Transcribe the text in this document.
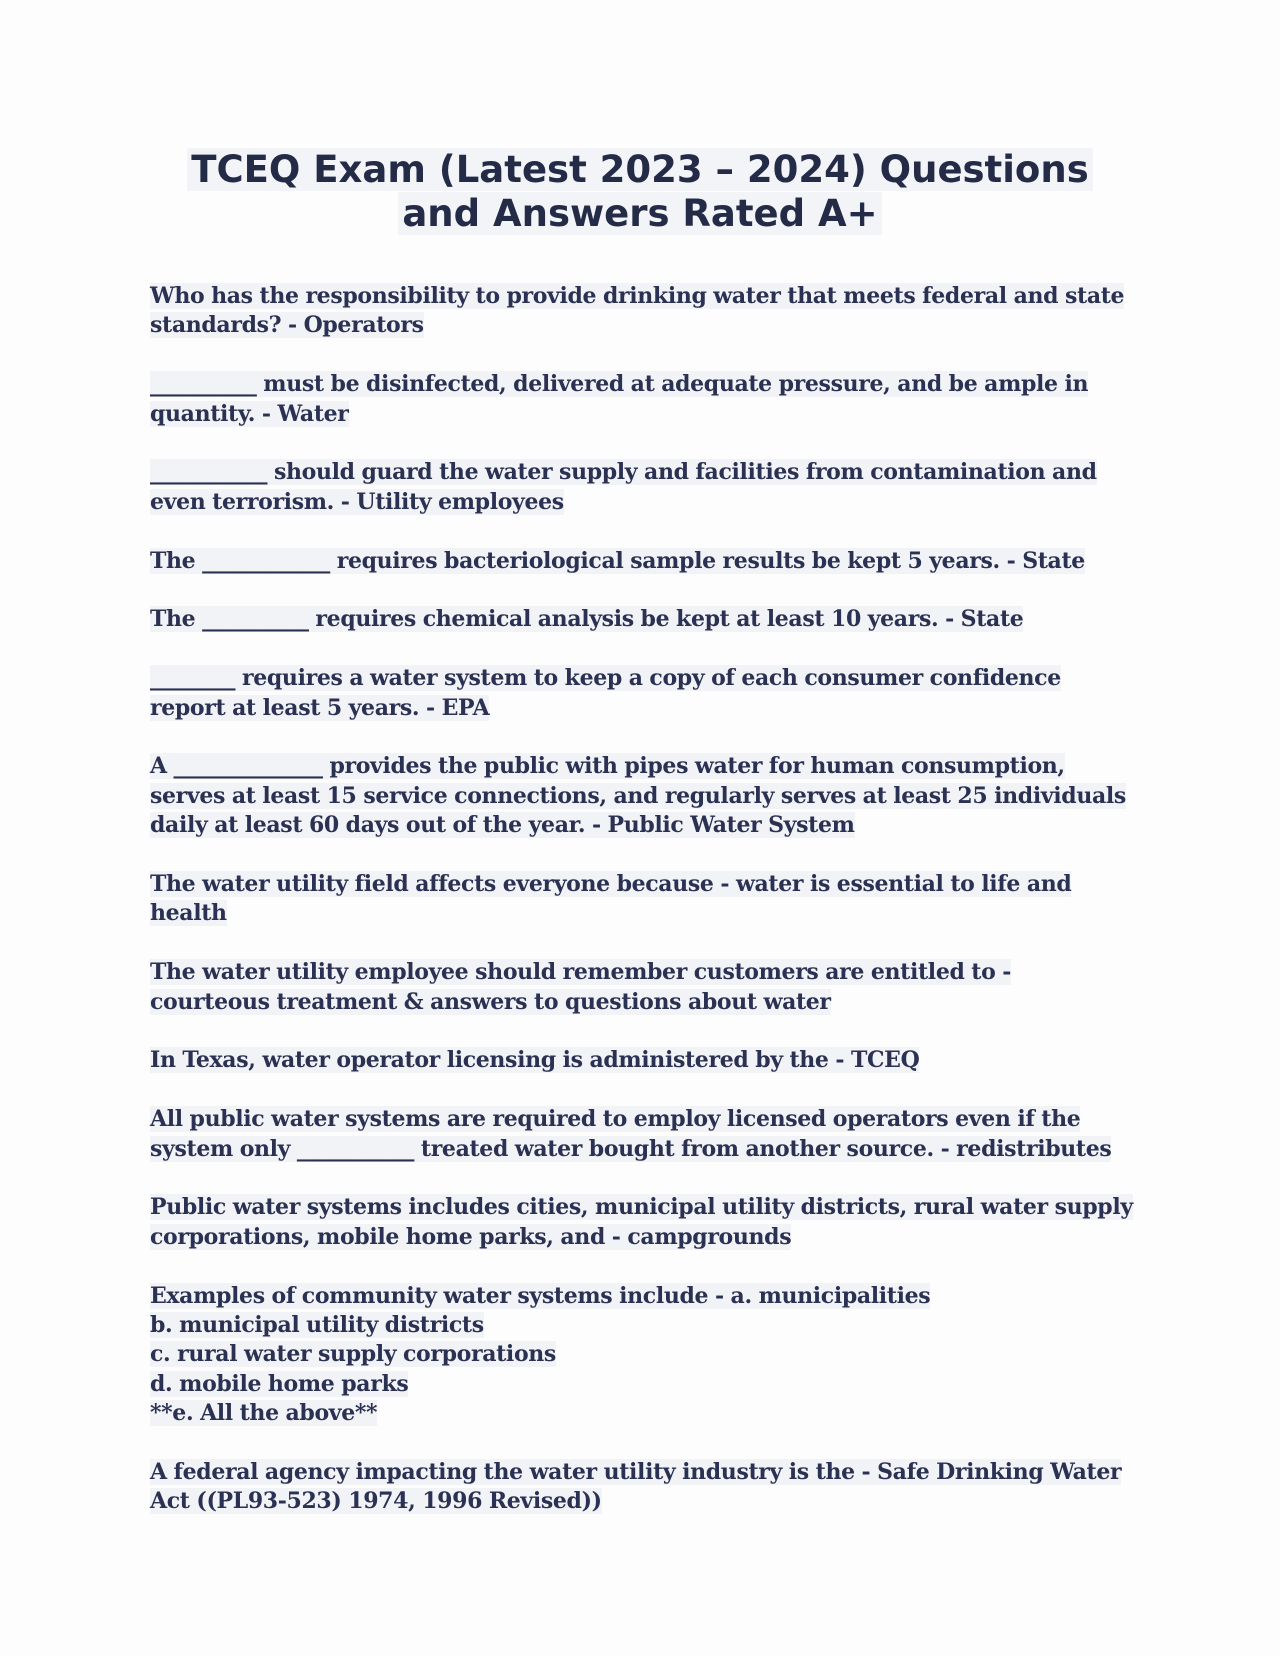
TCEQ Exam (Latest 2023 – 2024) Questions
and Answers Rated A+

Who has the responsibility to provide drinking water that meets federal and state standards? - Operators

__________ must be disinfected, delivered at adequate pressure, and be ample in quantity. - Water

___________ should guard the water supply and facilities from contamination and even terrorism. - Utility employees

The ____________ requires bacteriological sample results be kept 5 years. - State

The __________ requires chemical analysis be kept at least 10 years. - State

________ requires a water system to keep a copy of each consumer confidence report at least 5 years. - EPA

A ______________ provides the public with pipes water for human consumption, serves at least 15 service connections, and regularly serves at least 25 individuals daily at least 60 days out of the year. - Public Water System

The water utility field affects everyone because - water is essential to life and health

The water utility employee should remember customers are entitled to - courteous treatment & answers to questions about water

In Texas, water operator licensing is administered by the - TCEQ

All public water systems are required to employ licensed operators even if the system only ___________ treated water bought from another source. - redistributes

Public water systems includes cities, municipal utility districts, rural water supply corporations, mobile home parks, and - campgrounds

Examples of community water systems include - a. municipalities
b. municipal utility districts
c. rural water supply corporations
d. mobile home parks
**e. All the above**

A federal agency impacting the water utility industry is the - Safe Drinking Water Act ((PL93-523) 1974, 1996 Revised))
